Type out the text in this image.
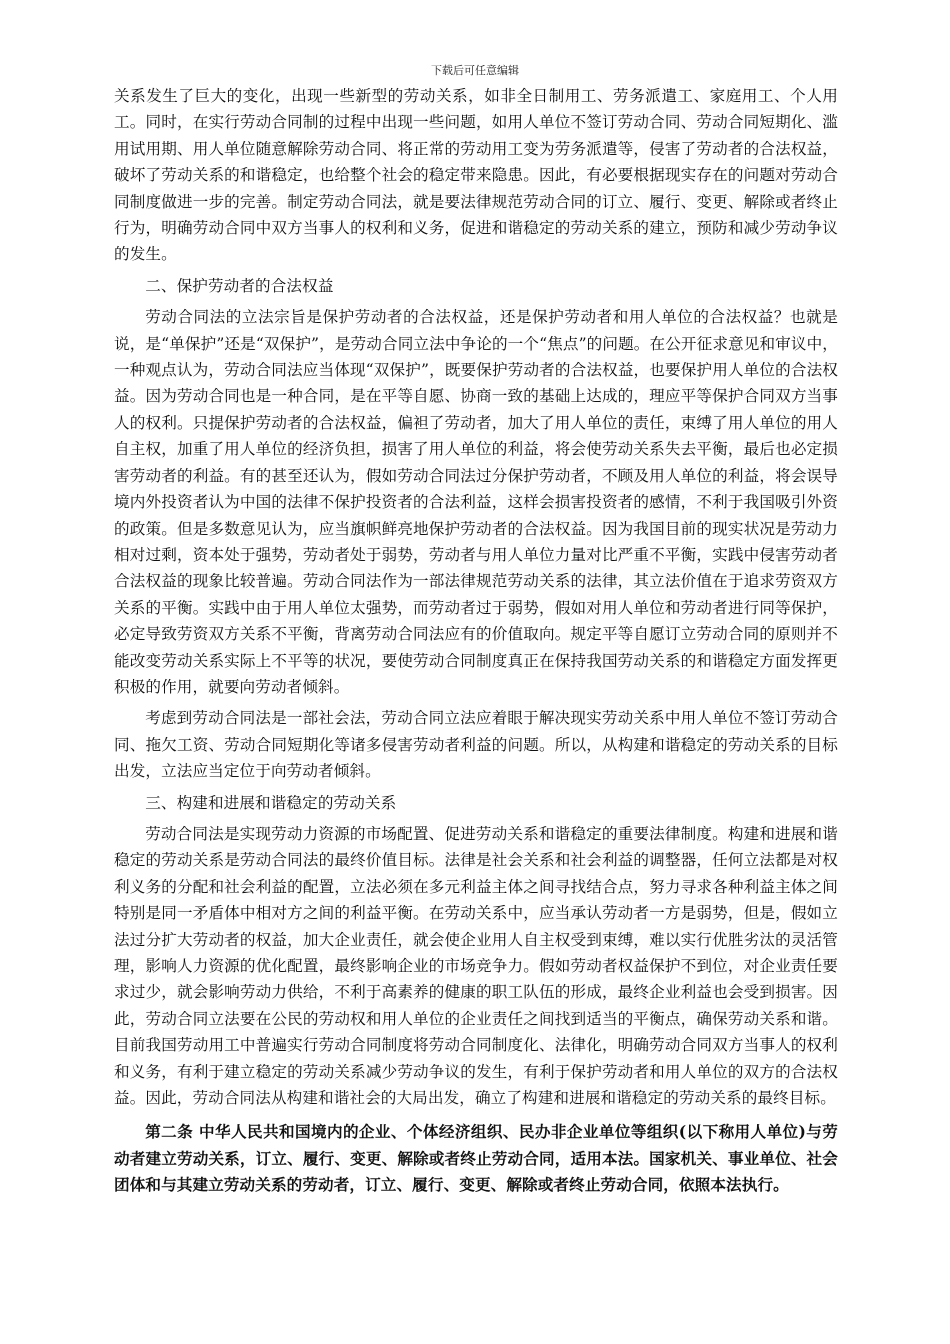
下载后可任意编辑

关系发生了巨大的变化，出现一些新型的劳动关系，如非全日制用工、劳务派遣工、家庭用工、个人用工。同时，在实行劳动合同制的过程中出现一些问题，如用人单位不签订劳动合同、劳动合同短期化、滥用试用期、用人单位随意解除劳动合同、将正常的劳动用工变为劳务派遣等，侵害了劳动者的合法权益，破坏了劳动关系的和谐稳定，也给整个社会的稳定带来隐患。因此，有必要根据现实存在的问题对劳动合同制度做进一步的完善。制定劳动合同法，就是要法律规范劳动合同的订立、履行、变更、解除或者终止行为，明确劳动合同中双方当事人的权利和义务，促进和谐稳定的劳动关系的建立，预防和减少劳动争议的发生。

二、保护劳动者的合法权益

劳动合同法的立法宗旨是保护劳动者的合法权益，还是保护劳动者和用人单位的合法权益？也就是说，是“单保护”还是“双保护”，是劳动合同立法中争论的一个“焦点”的问题。在公开征求意见和审议中，一种观点认为，劳动合同法应当体现“双保护”，既要保护劳动者的合法权益，也要保护用人单位的合法权益。因为劳动合同也是一种合同，是在平等自愿、协商一致的基础上达成的，理应平等保护合同双方当事人的权利。只提保护劳动者的合法权益，偏袒了劳动者，加大了用人单位的责任，束缚了用人单位的用人自主权，加重了用人单位的经济负担，损害了用人单位的利益，将会使劳动关系失去平衡，最后也必定损害劳动者的利益。有的甚至还认为，假如劳动合同法过分保护劳动者，不顾及用人单位的利益，将会误导境内外投资者认为中国的法律不保护投资者的合法利益，这样会损害投资者的感情，不利于我国吸引外资的政策。但是多数意见认为，应当旗帜鲜亮地保护劳动者的合法权益。因为我国目前的现实状况是劳动力相对过剩，资本处于强势，劳动者处于弱势，劳动者与用人单位力量对比严重不平衡，实践中侵害劳动者合法权益的现象比较普遍。劳动合同法作为一部法律规范劳动关系的法律，其立法价值在于追求劳资双方关系的平衡。实践中由于用人单位太强势，而劳动者过于弱势，假如对用人单位和劳动者进行同等保护，必定导致劳资双方关系不平衡，背离劳动合同法应有的价值取向。规定平等自愿订立劳动合同的原则并不能改变劳动关系实际上不平等的状况，要使劳动合同制度真正在保持我国劳动关系的和谐稳定方面发挥更积极的作用，就要向劳动者倾斜。

考虑到劳动合同法是一部社会法，劳动合同立法应着眼于解决现实劳动关系中用人单位不签订劳动合同、拖欠工资、劳动合同短期化等诸多侵害劳动者利益的问题。所以，从构建和谐稳定的劳动关系的目标出发，立法应当定位于向劳动者倾斜。

三、构建和进展和谐稳定的劳动关系

劳动合同法是实现劳动力资源的市场配置、促进劳动关系和谐稳定的重要法律制度。构建和进展和谐稳定的劳动关系是劳动合同法的最终价值目标。法律是社会关系和社会利益的调整器，任何立法都是对权利义务的分配和社会利益的配置，立法必须在多元利益主体之间寻找结合点，努力寻求各种利益主体之间特别是同一矛盾体中相对方之间的利益平衡。在劳动关系中，应当承认劳动者一方是弱势，但是，假如立法过分扩大劳动者的权益，加大企业责任，就会使企业用人自主权受到束缚，难以实行优胜劣汰的灵活管理，影响人力资源的优化配置，最终影响企业的市场竞争力。假如劳动者权益保护不到位，对企业责任要求过少，就会影响劳动力供给，不利于高素养的健康的职工队伍的形成，最终企业利益也会受到损害。因此，劳动合同立法要在公民的劳动权和用人单位的企业责任之间找到适当的平衡点，确保劳动关系和谐。目前我国劳动用工中普遍实行劳动合同制度将劳动合同制度化、法律化，明确劳动合同双方当事人的权利和义务，有利于建立稳定的劳动关系减少劳动争议的发生，有利于保护劳动者和用人单位的双方的合法权益。因此，劳动合同法从构建和谐社会的大局出发，确立了构建和进展和谐稳定的劳动关系的最终目标。

第二条 中华人民共和国境内的企业、个体经济组织、民办非企业单位等组织(以下称用人单位)与劳动者建立劳动关系，订立、履行、变更、解除或者终止劳动合同，适用本法。国家机关、事业单位、社会团体和与其建立劳动关系的劳动者，订立、履行、变更、解除或者终止劳动合同，依照本法执行。
